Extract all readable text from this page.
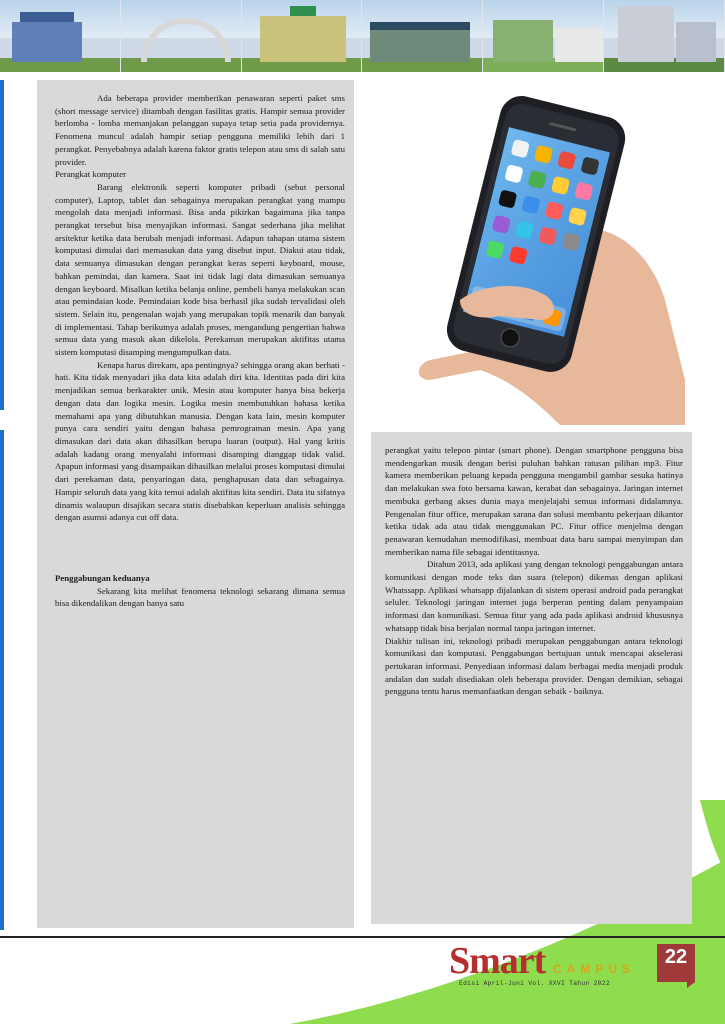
Ada beberapa provider memberikan penawaran seperti paket sms (short message service) ditambah dengan fasilitas gratis. Hampir semua provider berlomba - lomba memanjakan pelanggan supaya tetap setia pada providernya. Fenomena muncul adalah hampir setiap pengguna memiliki lebih dari 1 perangkat. Penyebabnya adalah karena faktor gratis telepon atau sms di salah satu provider.

Perangkat komputer

Barang elektronik seperti komputer pribadi (sebut personal computer), Laptop, tablet dan sebagainya merupakan perangkat yang mampu mengolah data menjadi informasi. Bisa anda pikirkan bagaimana jika tanpa perangkat tersebut bisa menyajikan informasi. Sangat sederhana jika melihat arsitektur ketika data berubah menjadi informasi. Adapun tahapan utama sistem komputasi dimulai dari memasukan data yang disebut input. Diakui atau tidak, data semuanya dimasukan dengan perangkat keras seperti keyboard, mouse, bahkan pemindai, dan kamera. Saat ini tidak lagi data dimasukan semuanya dengan keyboard. Misalkan ketika belanja online, pembeli hanya melakukan scan atau pemindaian kode. Pemindaian kode bisa berhasil jika sudah tervalidasi oleh sistem. Selain itu, pengenalan wajah yang merupakan topik menarik dan banyak di implementasi. Tahap berikutnya adalah proses, mengandung pengertian bahwa semua data yang masuk akan dikelola. Perekaman merupakan aktifitas utama sistem komputasi disamping mengumpulkan data.

Kenapa harus direkam, apa pentingnya? sehingga orang akan berhati - hati. Kita tidak menyadari jika data kita adalah diri kita. Identitas pada diri kita menjadikan semua berkarakter unik. Mesin atau komputer hanya bisa bekerja dengan data dan logika mesin. Logika mesin membutuhkan bahasa ketika memahami apa yang dibutuhkan manusia. Dengan kata lain, mesin komputer punya cara sendiri yaitu dengan bahasa pemrograman mesin. Apa yang dimasukan dari data akan dihasilkan berupa luaran (output). Hal yang kritis adalah kadang orang menyalahi informasi disamping dianggap tidak valid. Apapun informasi yang disampaikan dihasilkan melalui proses komputasi dimulai dari perekaman data, penyaringan data, penghapusan data dan sebagainya. Hampir seluruh data yang kita temui adalah aktifitas kita sendiri. Data itu sifatnya dinamis walaupun disajikan secara statis disebabkan keperluan analisis sehingga dengan asumsi adanya cut off data.

Penggabungan keduanya

Sekarang kita melihat fenomena teknologi sekarang dimana semua bisa dikendalikan dengan hanya satu

perangkat yaitu telepon pintar (smart phone). Dengan smartphone pengguna bisa mendengarkan musik dengan berisi puluhan bahkan ratusan pilihan mp3. Fitur kamera memberikan peluang kepada pengguna mengambil gambar sesuka hatinya dan melakukan swa foto bersama kawan, kerabat dan sebagainya. Jaringan internet membuka gerbang akses dunia maya menjelajahi semua informasi didalamnya. Pengenalan fitur office, merupakan sarana dan solusi membantu pekerjaan dikantor ketika tidak ada atau tidak menggunakan PC. Fitur office menjelma dengan penawaran kemudahan memodifikasi, membuat data baru sampai menyimpan dan memberikan nama file sebagai identitasnya.

Ditahun 2013, ada aplikasi yang dengan teknologi penggabungan antara komunikasi dengan mode teks dan suara (telepon) dikemas dengan aplikasi Whatssapp. Aplikasi whatsapp dijalankan di sistem operasi android pada perangkat seluler. Teknologi jaringan internet juga berperan penting dalam penyampaian informasi dan komunikasi. Semua fitur yang ada pada aplikasi android khususnya whatsapp tidak bisa berjalan normal tanpa jaringan internet.

Diakhir tulisan ini, teknologi pribadi merupakan penggabungan antara teknologi komunikasi dan komputasi. Penggabungan bertujuan untuk mencapai akselerasi pertukaran informasi. Penyediaan informasi dalam berbagai media menjadi produk andalan dan sudah disediakan oleh beberapa provider. Dengan demikian, sebagai pengguna tentu harus memanfaatkan dengan sebaik - baiknya.

Smart CAMPUS
Edisi April-Juni Vol. XXVI Tahun 2022
22
